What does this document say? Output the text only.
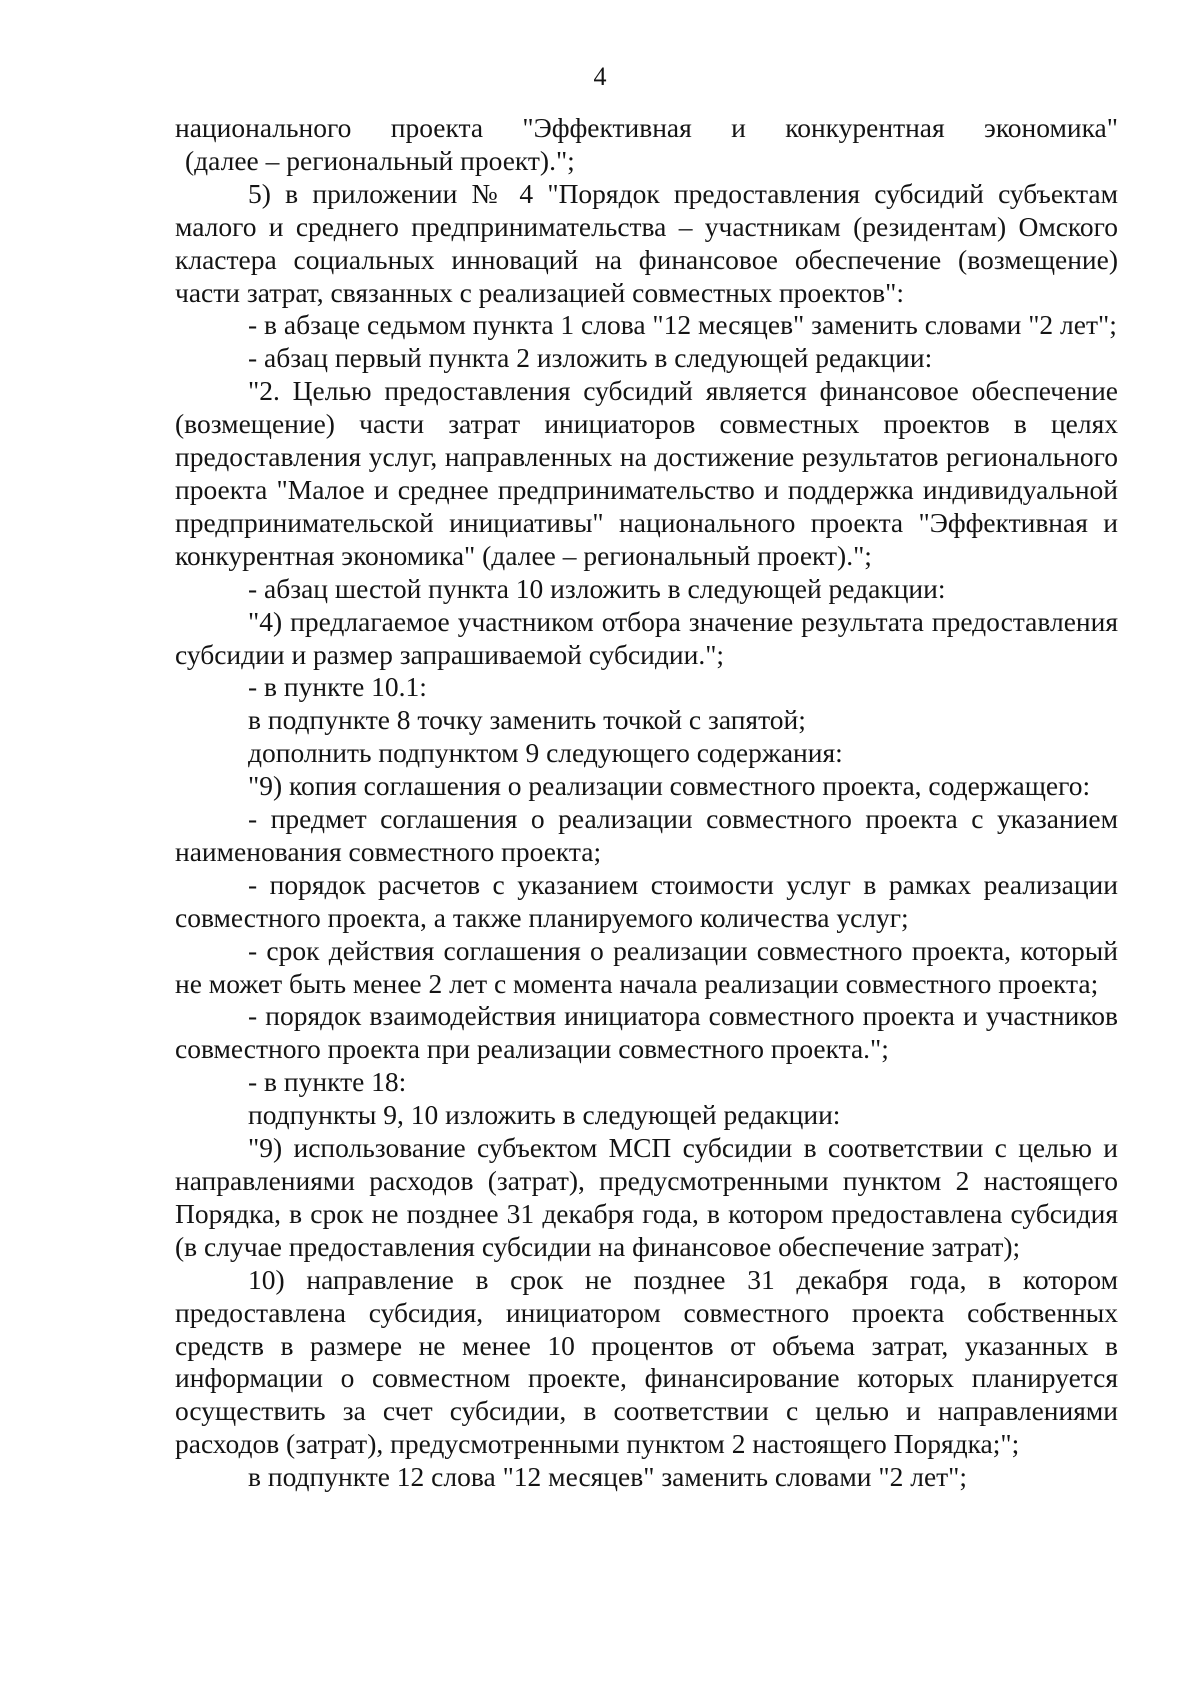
4

национального проекта "Эффективная и конкурентная экономика"

(далее – региональный проект).";

5) в приложении № 4 "Порядок предоставления субсидий субъектам малого и среднего предпринимательства – участникам (резидентам) Омского кластера социальных инноваций на финансовое обеспечение (возмещение) части затрат, связанных с реализацией совместных проектов":

- в абзаце седьмом пункта 1 слова "12 месяцев" заменить словами "2 лет";

- абзац первый пункта 2 изложить в следующей редакции:

"2. Целью предоставления субсидий является финансовое обеспечение (возмещение) части затрат инициаторов совместных проектов в целях предоставления услуг, направленных на достижение результатов регионального проекта "Малое и среднее предпринимательство и поддержка индивидуальной предпринимательской инициативы" национального проекта "Эффективная и конкурентная экономика" (далее – региональный проект).";

- абзац шестой пункта 10 изложить в следующей редакции:

"4) предлагаемое участником отбора значение результата предоставления субсидии и размер запрашиваемой субсидии.";

- в пункте 10.1:

в подпункте 8 точку заменить точкой с запятой;

дополнить подпунктом 9 следующего содержания:

"9) копия соглашения о реализации совместного проекта, содержащего:

- предмет соглашения о реализации совместного проекта с указанием наименования совместного проекта;

- порядок расчетов с указанием стоимости услуг в рамках реализации совместного проекта, а также планируемого количества услуг;

- срок действия соглашения о реализации совместного проекта, который не может быть менее 2 лет с момента начала реализации совместного проекта;

- порядок взаимодействия инициатора совместного проекта и участников совместного проекта при реализации совместного проекта.";

- в пункте 18:

подпункты 9, 10 изложить в следующей редакции:

"9) использование субъектом МСП субсидии в соответствии с целью и направлениями расходов (затрат), предусмотренными пунктом 2 настоящего Порядка, в срок не позднее 31 декабря года, в котором предоставлена субсидия (в случае предоставления субсидии на финансовое обеспечение затрат);

10) направление в срок не позднее 31 декабря года, в котором предоставлена субсидия, инициатором совместного проекта собственных средств в размере не менее 10 процентов от объема затрат, указанных в информации о совместном проекте, финансирование которых планируется осуществить за счет субсидии, в соответствии с целью и направлениями расходов (затрат), предусмотренными пунктом 2 настоящего Порядка;";

в подпункте 12 слова "12 месяцев" заменить словами "2 лет";
